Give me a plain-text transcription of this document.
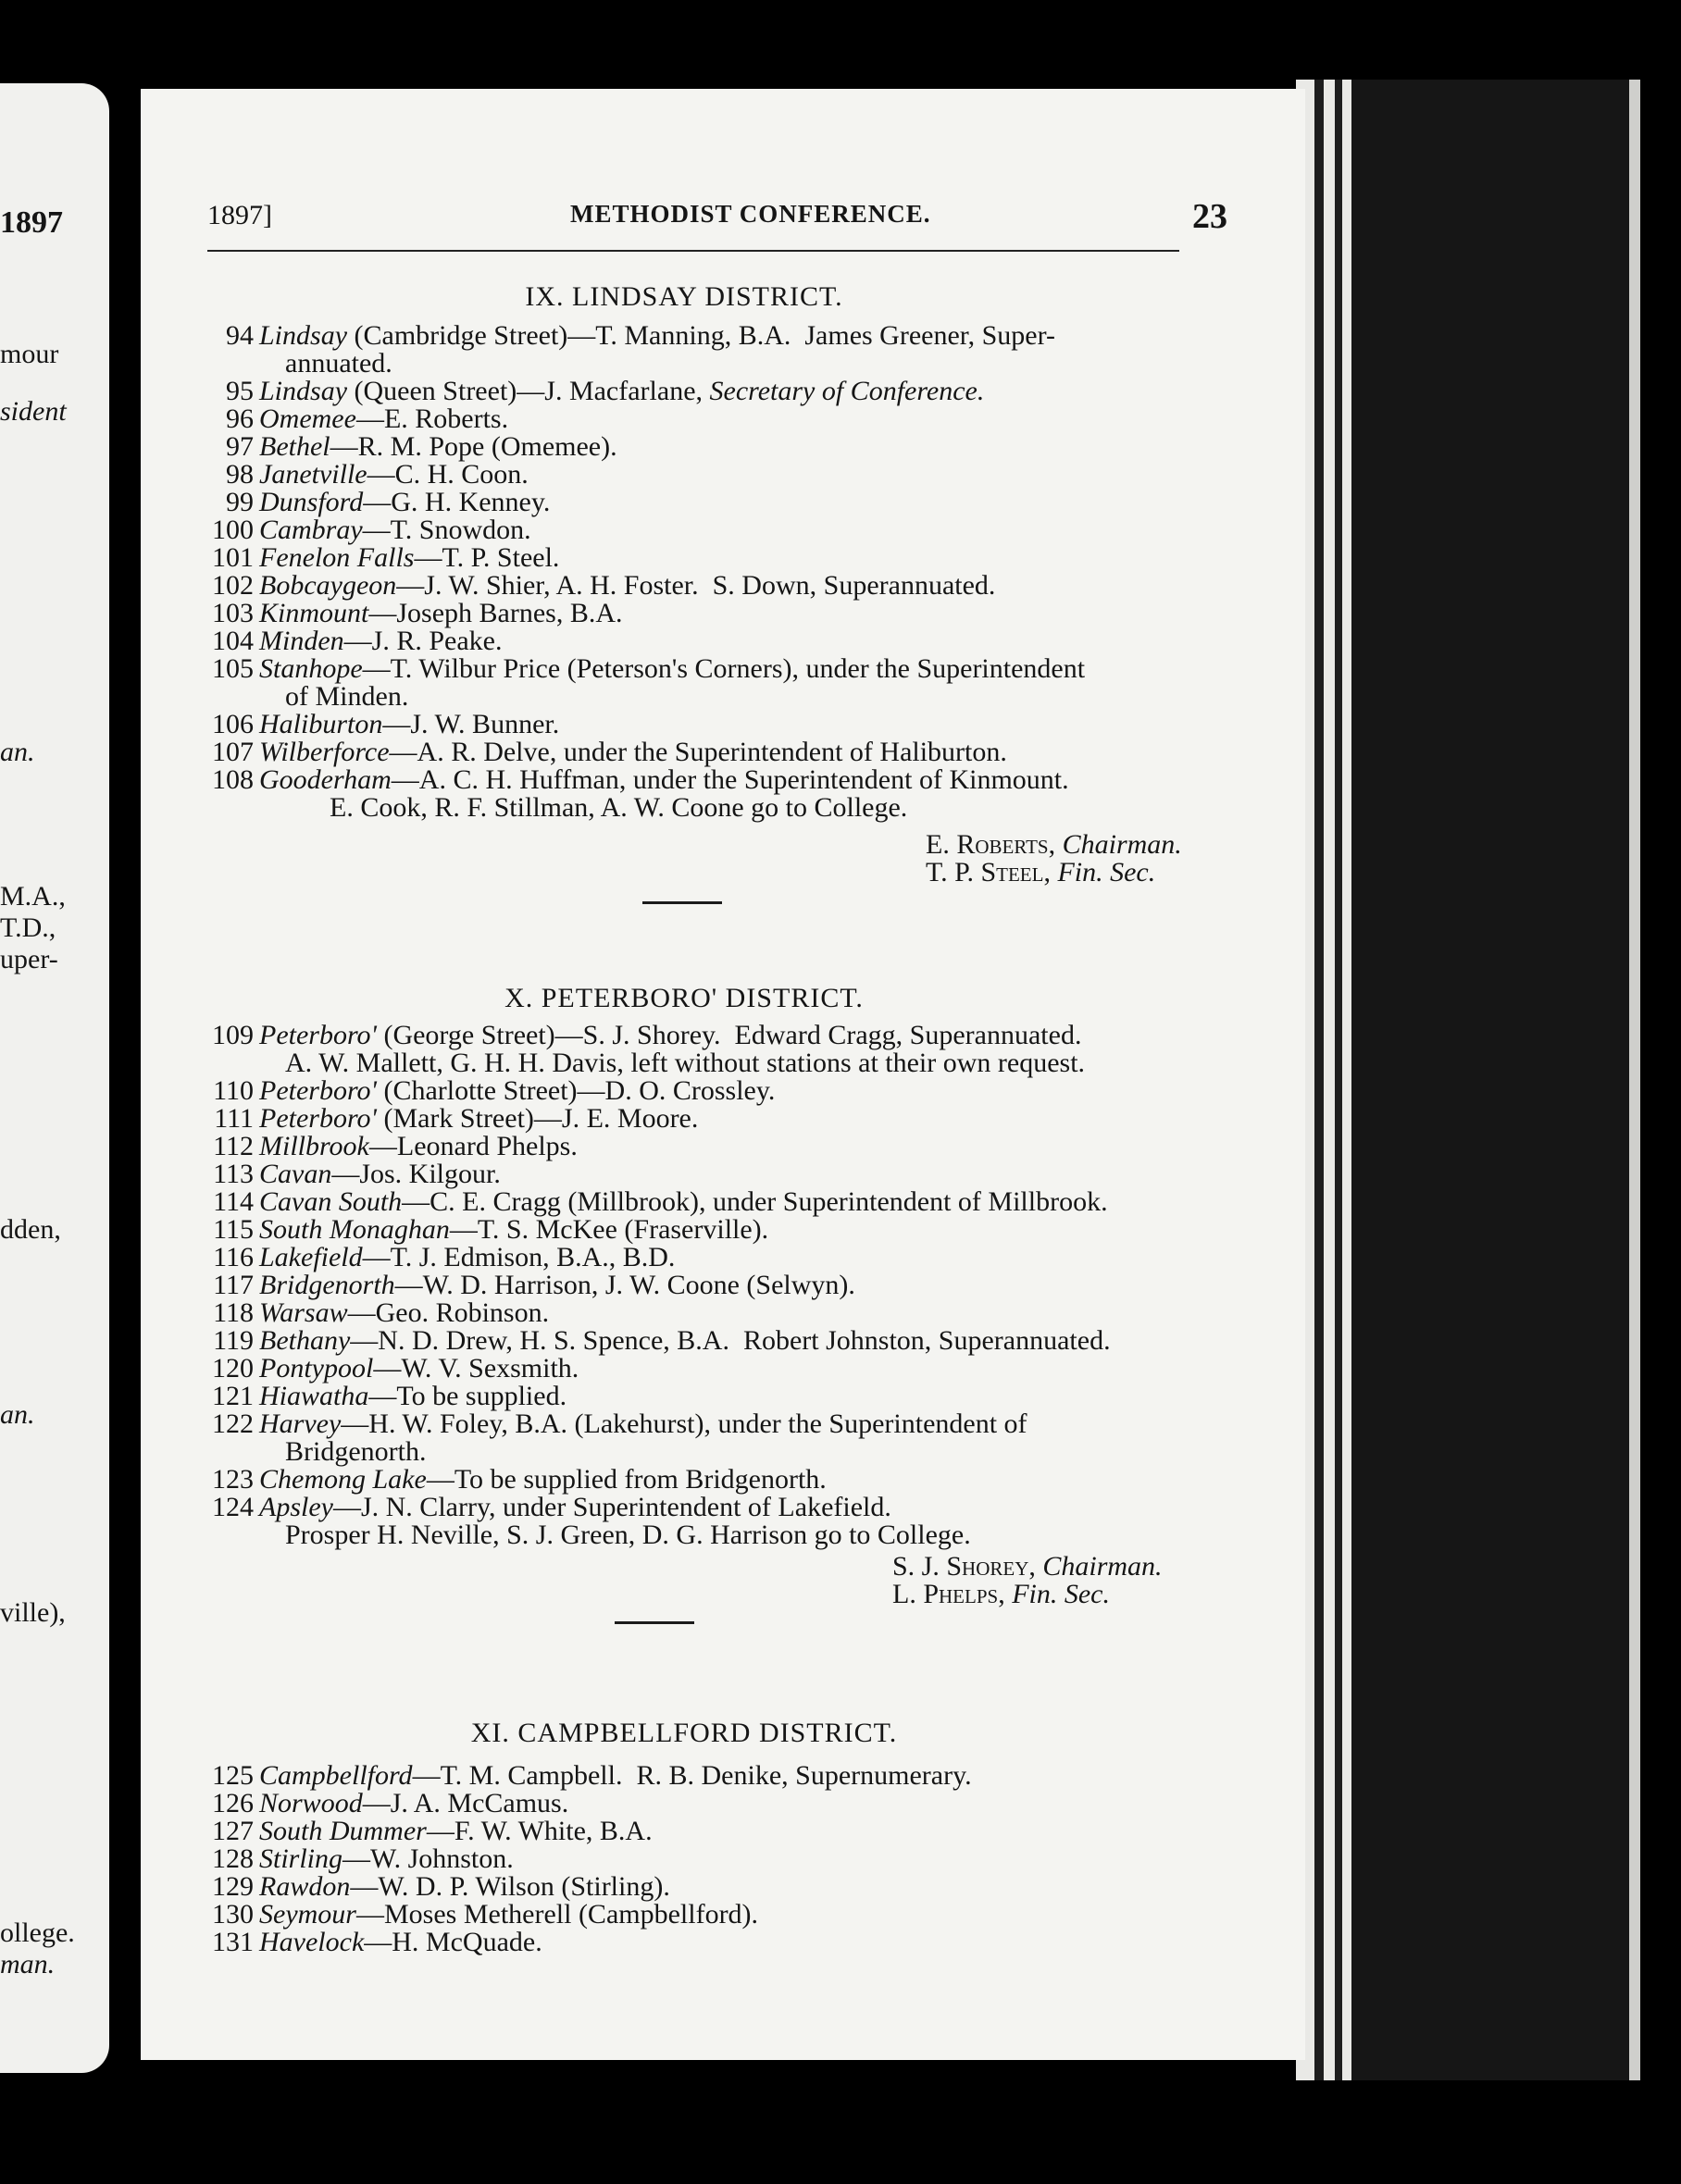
1897
mour
sident
an.
M.A.,
T.D.,
uper-
dden,
an.
ville),
ollege.
man.
1897]	METHODIST CONFERENCE.	23
IX. LINDSAY DISTRICT.
94 Lindsay (Cambridge Street)—T. Manning, B.A.  James Greener, Super-
annuated.
95 Lindsay (Queen Street)—J. Macfarlane, Secretary of Conference.
96 Omemee—E. Roberts.
97 Bethel—R. M. Pope (Omemee).
98 Janetville—C. H. Coon.
99 Dunsford—G. H. Kenney.
100 Cambray—T. Snowdon.
101 Fenelon Falls—T. P. Steel.
102 Bobcaygeon—J. W. Shier, A. H. Foster.  S. Down, Superannuated.
103 Kinmount—Joseph Barnes, B.A.
104 Minden—J. R. Peake.
105 Stanhope—T. Wilbur Price (Peterson's Corners), under the Superintendent
of Minden.
106 Haliburton—J. W. Bunner.
107 Wilberforce—A. R. Delve, under the Superintendent of Haliburton.
108 Gooderham—A. C. H. Huffman, under the Superintendent of Kinmount.
E. Cook, R. F. Stillman, A. W. Coone go to College.
E. Roberts, Chairman.
T. P. Steel, Fin. Sec.
X. PETERBORO' DISTRICT.
109 Peterboro' (George Street)—S. J. Shorey.  Edward Cragg, Superannuated.
A. W. Mallett, G. H. H. Davis, left without stations at their own request.
110 Peterboro' (Charlotte Street)—D. O. Crossley.
111 Peterboro' (Mark Street)—J. E. Moore.
112 Millbrook—Leonard Phelps.
113 Cavan—Jos. Kilgour.
114 Cavan South—C. E. Cragg (Millbrook), under Superintendent of Millbrook.
115 South Monaghan—T. S. McKee (Fraserville).
116 Lakefield—T. J. Edmison, B.A., B.D.
117 Bridgenorth—W. D. Harrison, J. W. Coone (Selwyn).
118 Warsaw—Geo. Robinson.
119 Bethany—N. D. Drew, H. S. Spence, B.A.  Robert Johnston, Superannuated.
120 Pontypool—W. V. Sexsmith.
121 Hiawatha—To be supplied.
122 Harvey—H. W. Foley, B.A. (Lakehurst), under the Superintendent of
Bridgenorth.
123 Chemong Lake—To be supplied from Bridgenorth.
124 Apsley—J. N. Clarry, under Superintendent of Lakefield.
Prosper H. Neville, S. J. Green, D. G. Harrison go to College.
S. J. Shorey, Chairman.
L. Phelps, Fin. Sec.
XI. CAMPBELLFORD DISTRICT.
125 Campbellford—T. M. Campbell.  R. B. Denike, Supernumerary.
126 Norwood—J. A. McCamus.
127 South Dummer—F. W. White, B.A.
128 Stirling—W. Johnston.
129 Rawdon—W. D. P. Wilson (Stirling).
130 Seymour—Moses Metherell (Campbellford).
131 Havelock—H. McQuade.
